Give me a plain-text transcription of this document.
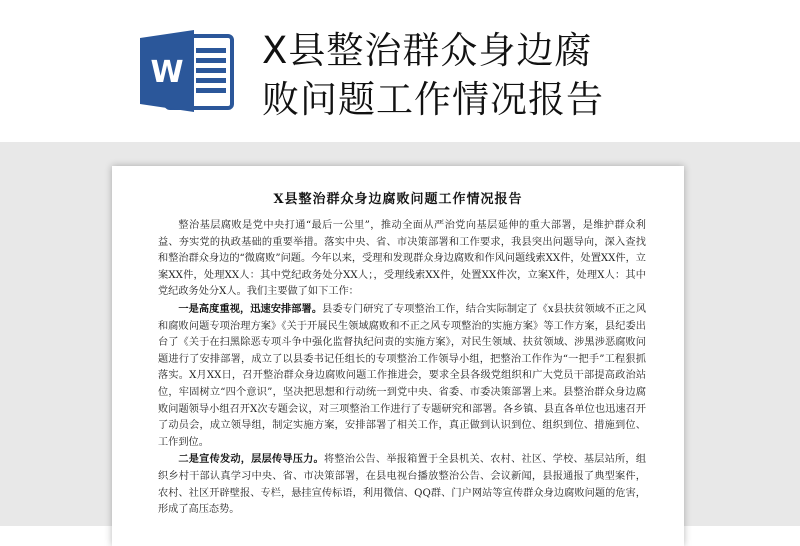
W
X县整治群众身边腐
败问题工作情况报告
X县整治群众身边腐败问题工作情况报告

整治基层腐败是党中央打通“最后一公里”，推动全面从严治党向基层延伸的重大部署，是维护群众利益、夯实党的执政基础的重要举措。落实中央、省、市决策部署和工作要求，我县突出问题导向，深入查找和整治群众身边的“微腐败”问题。今年以来，受理和发现群众身边腐败和作风问题线索XX件，处置XX件，立案XX件，处理XX人：其中党纪政务处分XX人；，受理线索XX件，处置XX件次，立案X件，处理X人：其中党纪政务处分X人。我们主要做了如下工作：

一是高度重视，迅速安排部署。县委专门研究了专项整治工作，结合实际制定了《x县扶贫领域不正之风和腐败问题专项治理方案》《关于开展民生领域腐败和不正之风专项整治的实施方案》等工作方案，县纪委出台了《关于在扫黑除恶专项斗争中强化监督执纪问责的实施方案》，对民生领域、扶贫领域、涉黑涉恶腐败问题进行了安排部署，成立了以县委书记任组长的专项整治工作领导小组，把整治工作作为“一把手”工程狠抓落实。X月XX日，召开整治群众身边腐败问题工作推进会，要求全县各级党组织和广大党员干部提高政治站位，牢固树立“四个意识”，坚决把思想和行动统一到党中央、省委、市委决策部署上来。县整治群众身边腐败问题领导小组召开X次专题会议，对三项整治工作进行了专题研究和部署。各乡镇、县直各单位也迅速召开了动员会，成立领导组，制定实施方案，安排部署了相关工作，真正做到认识到位、组织到位、措施到位、工作到位。

二是宣传发动，层层传导压力。将整治公告、举报箱置于全县机关、农村、社区、学校、基层站所，组织乡村干部认真学习中央、省、市决策部署，在县电视台播放整治公告、会议新闻，县报通报了典型案件，农村、社区开辟壁报、专栏，悬挂宣传标语，利用微信、QQ群、门户网站等宣传群众身边腐败问题的危害，形成了高压态势。
